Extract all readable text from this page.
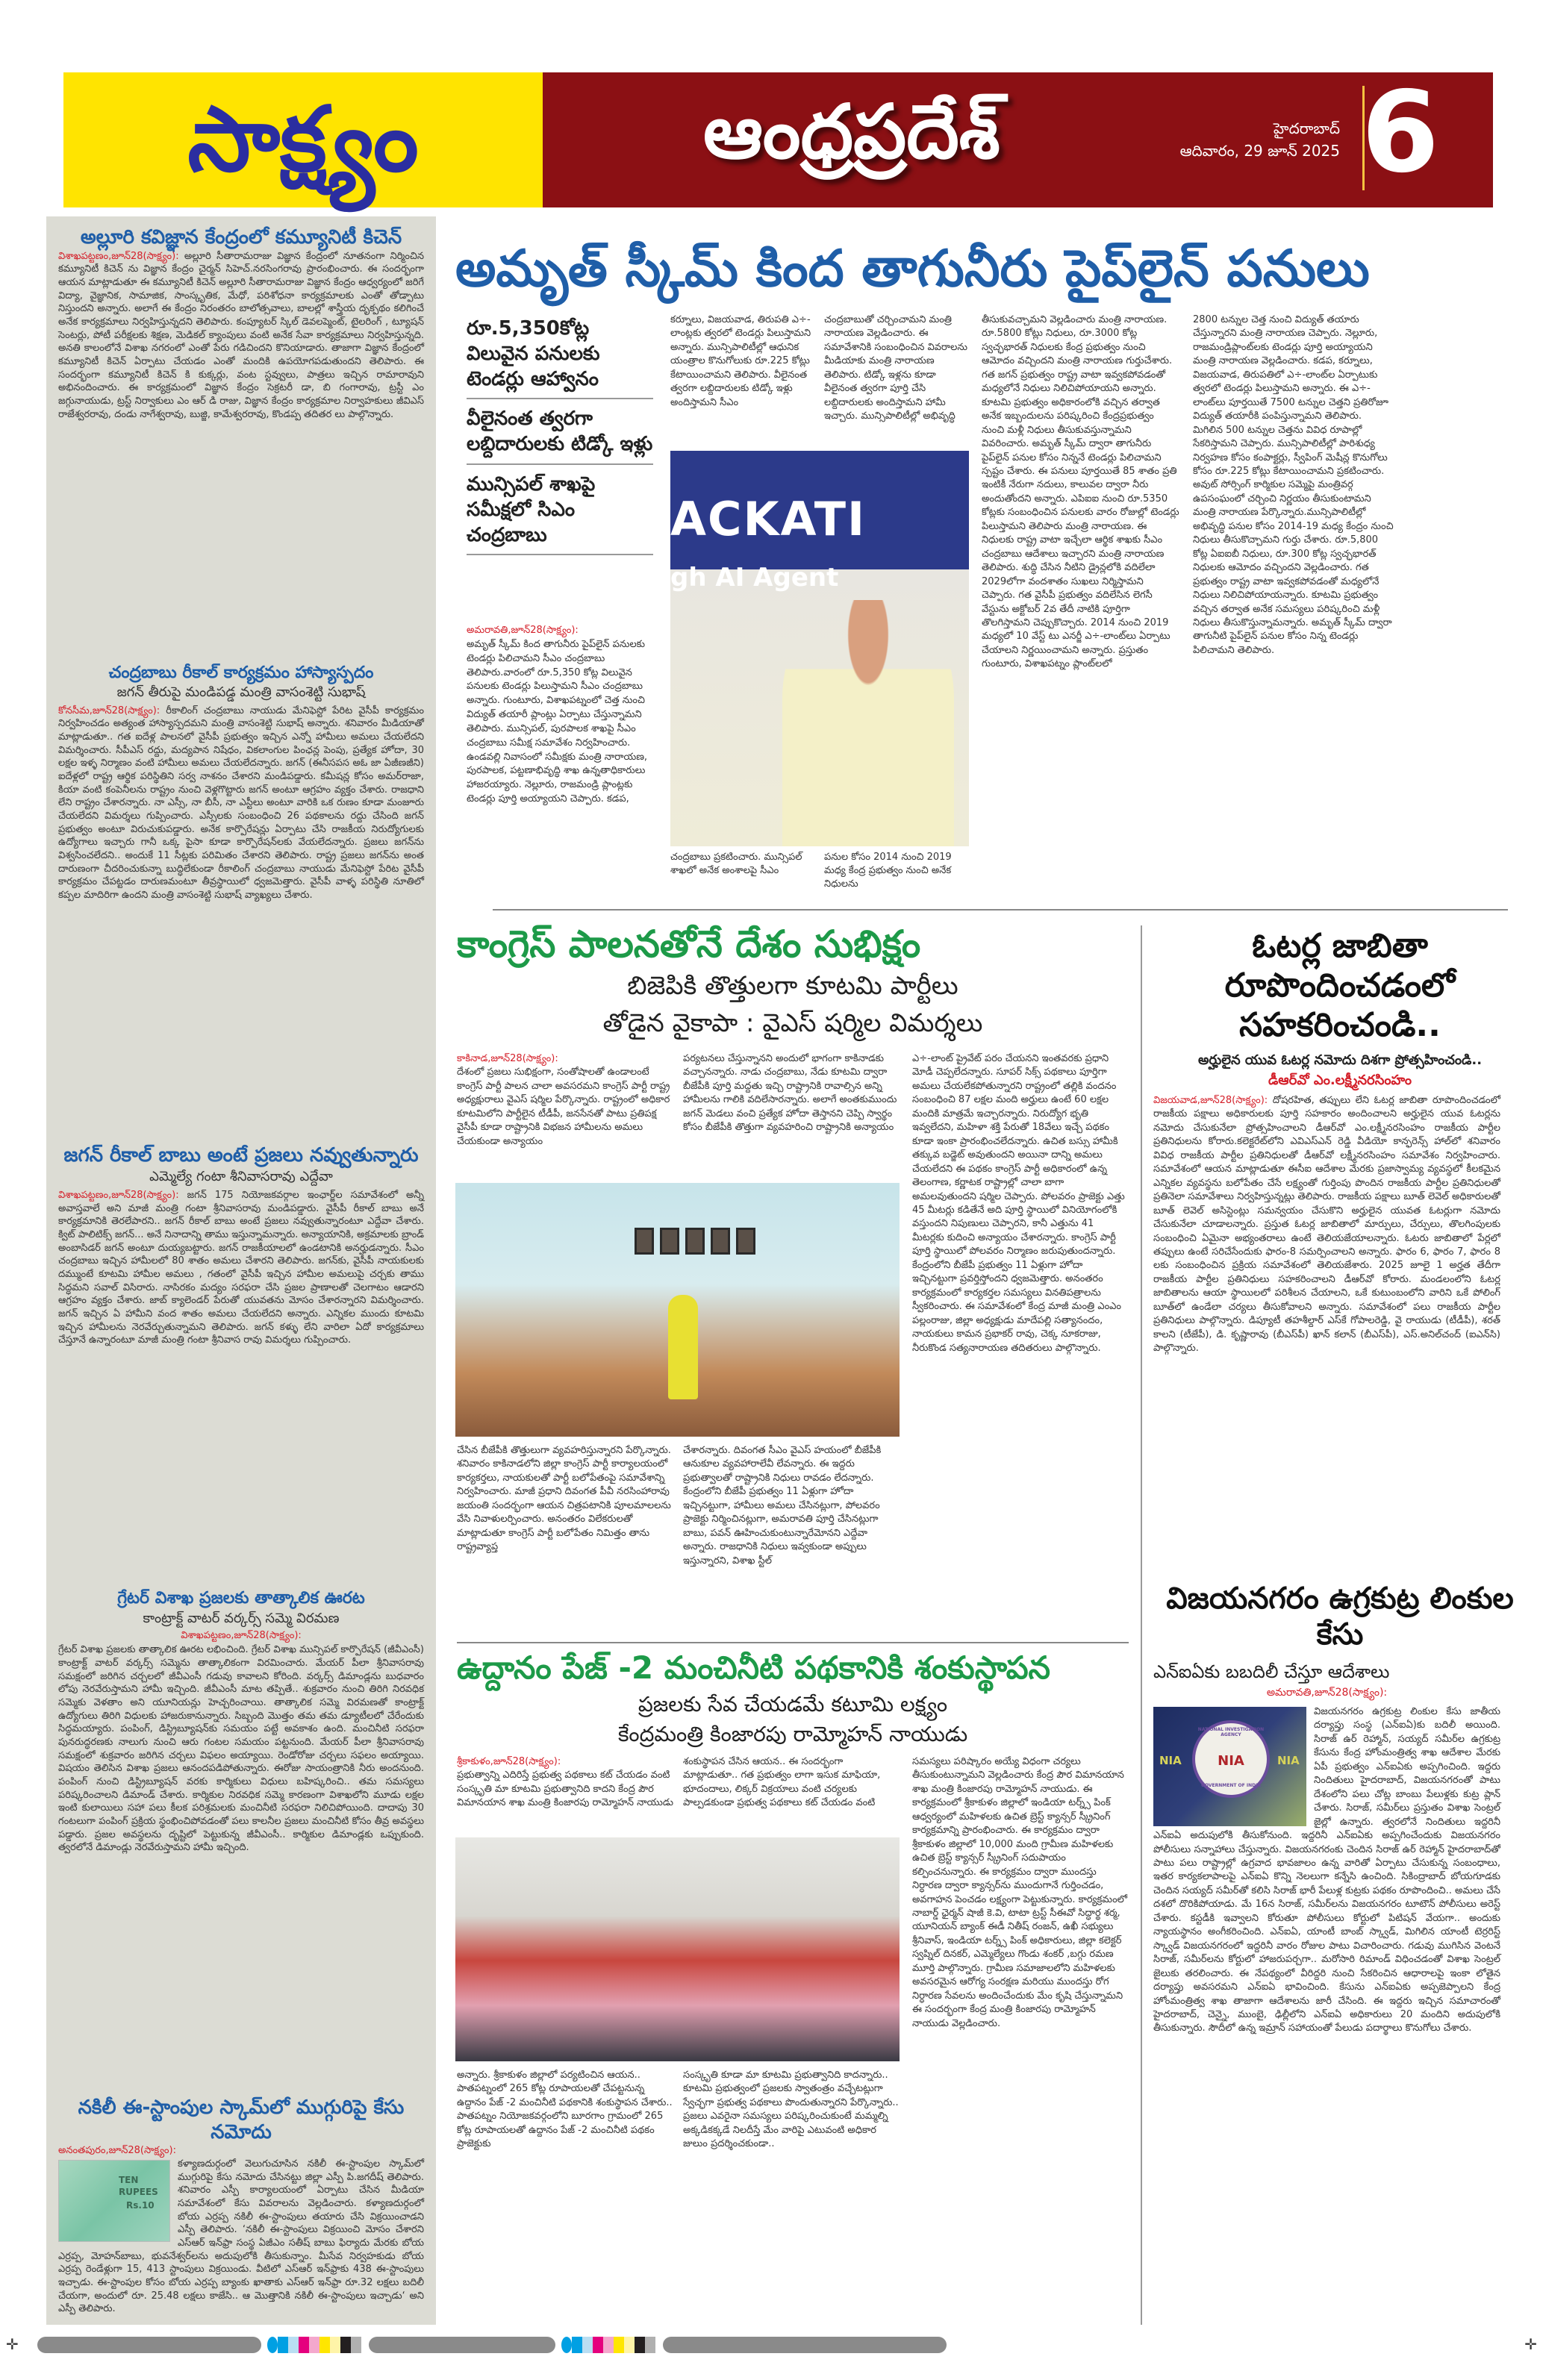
సాక్ష్యం	ఆంధ్రప్రదేశ్	హైదరాబాద్
ఆదివారం, 29 జూన్ 2025 6
అల్లూరి కవిజ్ఞాన కేంద్రంలో కమ్యూనిటీ కిచెన్

విశాఖపట్టణం,జూన్28(సాక్ష్యం): అల్లూరి సీతారామరాజు విజ్ఞాన కేంద్రంలో నూతనంగా నిర్మించిన కమ్యూనిటీ కిచెన్ ను విజ్ఞాన కేంద్రం చైర్మన్ సిహెచ్.నరసింగరావు ప్రారంభించారు. ఈ సందర్భంగా ఆయన మాట్లాడుతూ ఈ కమ్యూనిటీ కిచెన్ అల్లూరి సీతారామరాజు విజ్ఞాన కేంద్రం ఆధ్వర్యంలో జరిగే విద్యా, వైజ్ఞానిక, సామాజిక, సాంస్కృతిక, మేధో, పరిశోధనా కార్యక్రమాలకు ఎంతో తోడ్పాటు నిస్తుందని అన్నారు. అలాగే ఈ కేంద్రం నిరంతరం బాలోత్సవాలు, బాలల్లో శాస్త్రీయ దృక్పథం కలిగించే అనేక కార్యక్రమాలు నిర్వహిస్తున్నదని తెలిపారు. కంప్యూటర్ స్కిల్ డెవలప్మెంట్, టైలరింగ్ , ట్యూషన్ సెంటర్లు, పోటీ పరీక్షలకు శిక్షణ, మెడికల్ క్యాంపులు వంటి అనేక సేవా కార్యక్రమాలు నిర్వహిస్తున్నది. అనతి కాలంలోనే విశాఖ నగరంలో ఎంతో పేరు గడిచిందని కొనియాడారు. తాజాగా విజ్ఞాన కేంద్రంలో కమ్యూనిటీ కిచెన్ ఏర్పాటు చేయడం ఎంతో మందికి ఉపయోగపడుతుందని తెలిపారు. ఈ సందర్భంగా కమ్యూనిటీ కిచెన్ కి కుక్కర్లు, వంట స్టవ్వులు, పాత్రలు ఇచ్చిన రామారావుని అభినందించారు. ఈ కార్యక్రమంలో విజ్ఞాన కేంద్రం సెక్రటరీ డా, బి గంగారావు, ట్రస్టీ ఎం జగ్గునాయుడు, ట్రస్ట్ నిర్వాకులు ఎం ఆర్ డి రాజు, విజ్ఞాన కేంద్రం కార్యక్రమాల నిర్వాహకులు జీవిఎస్ రాజేశ్వరరావు, దండు నాగేశ్వరావు, బుజ్జి, కామేశ్వరరావు, కొండప్ప తదితర లు పాల్గొన్నారు.

చంద్రబాబు రీకాల్ కార్యక్రమం హాస్యాస్పదం
జగన్ తీరుపై మండిపడ్డ మంత్రి వాసంశెట్టి సుభాష్

కోనసీమ,జూన్28(సాక్ష్యం): రీకాలింగ్ చంద్రబాబు నాయుడు మేనిఫెస్టో పేరిట వైసీపీ కార్యక్రమం నిర్వహించడం అత్యంత హాస్యాస్పదమని మంత్రి వాసంశెట్టి సుభాష్ అన్నారు. శనివారం మీడియాతో మాట్లాడుతూ.. గత ఐదేళ్ల పాలనలో వైసీపీ ప్రభుత్వం ఇచ్చిన ఎన్నో హామీలు అమలు చేయలేదని విమర్శించారు. సీపీఎస్ రద్దు, మద్యపాన నిషేధం, వికలాంగుల పింఛన్ల పెంపు, ప్రత్యేక హోదా, 30 లక్షల ఇళ్ళ నిర్మాణం వంటి హామీలు అమలు చేయలేదన్నారు. జగన్ (ఈనీసపస అఓ జా ఏజీణజీని) ఐదేళ్లలో రాష్ట్ర ఆర్థిక పరిస్థితిని సర్వ నాశనం చేశారని మండిపడ్డారు. కమీషన్ల కోసం అమర్‌రాజా, కియా వంటి కంపెనీలను రాష్ట్రం నుంచి వెళ్లగొట్టారు జగన్ అంటూ ఆగ్రహం వ్యక్తం చేశారు. రాజధాని లేని రాష్ట్రం చేశారన్నారు. నా ఎస్సీ, నా బీసీ, నా ఎస్టీలు అంటూ వారికి ఒక రుణం కూడా మంజూరు చేయలేదని విమర్శలు గుప్పించారు. ఎస్సీలకు సంబంధించి 26 పథకాలను రద్దు చేసింది జగన్ ప్రభుత్వం అంటూ విరుచుకుపడ్డారు. అనేక కార్పొరేషన్లు ఏర్పాటు చేసి రాజకీయ నిరుద్యోగులకు ఉద్యోగాలు ఇచ్చారు గానీ ఒక్క పైసా కూడా కార్పొరేషన్‌లకు వేయలేదన్నారు. ప్రజలు జగన్‌ను విశ్వసించలేదని.. అందుకే 11 సీట్లకు పరిమితం చేశారని తెలిపారు. రాష్ట్ర ప్రజలు జగన్‌ను అంత దారుణంగా చీదరించుకున్నా బుద్ధిలేకుండా రీకాలింగ్ చంద్రబాబు నాయుడు మేనిఫెస్టో పేరిట వైసీపీ కార్యక్రమం చేపట్టడం దారుణమంటూ తీవ్రస్థాయిలో ధ్వజమెత్తారు. వైసీపీ వాళ్ళ పరిస్థితి నూతిలో కప్పల మాదిరిగా ఉందని మంత్రి వాసంశెట్టి సుభాష్ వ్యాఖ్యలు చేశారు.

జగన్ రీకాల్ బాబు అంటే ప్రజలు నవ్వుతున్నారు
ఎమ్మెల్యే గంటా శీనివాసరావు ఎద్దేవా

విశాఖపట్టణం,జూన్28(సాక్ష్యం): జగన్ 175 నియోజకవర్గాల ఇంఛార్జ్‌ల సమావేశంలో అన్నీ అవాస్తవాలే అని మాజీ మంత్రి గంటా శ్రీనివాసరావు మండిపడ్డారు. వైసీపీ రీకాల్ బాబు అనే కార్యక్రమానికి తెరలేపారని.. జగన్ రీకాల్ బాబు అంటే ప్రజలు నవ్వుతున్నారంటూ ఎద్దేవా చేశారు. క్విట్ పాలిటిక్స్ జగన్... అనే నినాదాన్ని తాము ఇస్తున్నామన్నారు. అన్యాయానికి, అక్రమాలకు బ్రాండ్ అంబాసిడర్ జగన్ అంటూ దుయ్యబట్టారు. జగన్ రాజకీయాలలో ఉండటానికి అనర్హుడన్నారు. సీఎం చంద్రబాబు ఇచ్చిన హామీలలో 80 శాతం అమలు చేశారని తెలిపారు. జగన్‌కు, వైసీపీ నాయకులకు దమ్ముంటే కూటమి హామీల అమలు , గతంలో వైసీపీ ఇచ్చిన హామీల అమలుపై చర్చకు తాము సిద్ధమని సవాల్ విసిరారు. నాసిరకం మద్యం సరఫరా చేసి ప్రజల ప్రాణాలతో చెలగాటం ఆడారని ఆగ్రహం వ్యక్తం చేశారు. జాబ్ క్యాలెండర్ పేరుతో యువతను మోసం చేశారన్నారని విమర్శించారు. జగన్ ఇచ్చిన ఏ హామీని వంద శాతం అమలు చేయలేదని అన్నారు. ఎన్నికల ముందు కూటమి ఇచ్చిన హామీలను నెరవేర్చుతున్నామని తెలిపారు. జగన్ కళ్ళు లేని వారిలా ఏదో కార్యక్రమాలు చేస్తూనే ఉన్నారంటూ మాజీ మంత్రి గంటా శ్రీనివాస రావు విమర్శలు గుప్పించారు.

గ్రేటర్ విశాఖ ప్రజలకు తాత్కాలిక ఊరట
కాంట్రాక్ట్ వాటర్ వర్కర్స్ సమ్మె విరమణ
విశాఖపట్టణం,జూన్28(సాక్ష్యం):

గ్రేటర్ విశాఖ ప్రజలకు తాత్కాలిక ఊరట లభించింది. గ్రేటర్ విశాఖ మున్సిపల్ కార్పొరేషన్ (జీవీఎంసీ) కాంట్రాక్ట్ వాటర్ వర్కర్స్ సమ్మెను తాత్కాలికంగా విరమించారు. మేయర్ పీలా శ్రీనివాసరావు సమక్షంలో జరిగిన చర్చలలో జీవీఎంసీ గడువు కావాలని కోరింది. వర్కర్స్ డిమాండ్లను బుధవారం లోపు నెరవేరుస్తామని హామీ ఇచ్చింది. జీవీఎంసీ మాట తప్పితే.. శుక్రవారం నుంచి తిరిగి నిరవధిక సమ్మెకు వెళతాం అని యూనియన్లు హెచ్చరించాయి. తాత్కాలిక సమ్మె విరమణతో కాంట్రాక్ట్ ఉద్యోగులు తిరిగి విధులకు హాజరుకానున్నారు. సిబ్బంది మొత్తం తమ తమ డ్యూటీలలో చేరేందుకు సిద్ధమయ్యారు. పంపింగ్, డిస్ట్రిబ్యూషన్‌కు సమయం పట్టే అవకాశం ఉంది. మంచినీటి సరఫరా పునరుద్ధరణకు నాలుగు నుంచి ఆరు గంటల సమయం పట్టనుంది. మేయర్ పీలా శ్రీనివాసరావు సమక్షంలో శుక్రవారం జరిగిన చర్చలు విఫలం అయ్యాయి. రెండోరోజు చర్చలు సఫలం అయ్యాయి. విషయం తెలిసిన విశాఖ ప్రజలు ఆనందపడిపోతున్నారు. ఈరోజు సాయంత్రానికి నీరు అందనుంది. పంపింగ్ నుంచి డిస్ట్రిబ్యూషన్ వరకు కార్మికులు విధులు బహిష్కరించి.. తమ సమస్యలు పరిష్కరించాలని డిమాండ్ చేశారు. కార్మికుల నిరవధిక సమ్మె కారణంగా విశాఖలోని మూడు లక్షల ఇంటి కులాయిలు సహా పలు కీలక పరిశ్రమలకు మంచినీటి సరఫరా నిలిచిపోయింది. దాదాపు 30 గంటలుగా పంపింగ్ ప్రక్రియ స్థంభించిపోవడంతో పలు కాలనీల ప్రజలు మంచినీటి కోసం తీవ్ర అవస్థలు పడ్డారు. ప్రజల అవస్థలను దృష్టిలో పెట్టుకున్న జీవీఎంసీ.. కార్మికుల డిమాండ్లకు ఒప్పుకుంది. త్వరలోనే డిమాండ్లు నెరవేరుస్తామని హామీ ఇచ్చింది.

నకిలీ ఈ-స్టాంపుల స్కామ్‌లో ముగ్గురిపై కేసు నమోదు

అనంతపురం,జూన్28(సాక్ష్యం):

TEN RUPEES
Rs.10
కళ్యాణదుర్గంలో వెలుగుచూసిన నకిలీ ఈ-స్టాంపుల స్కామ్‌లో ముగ్గురిపై కేసు నమోదు చేసినట్టు జిల్లా ఎస్పీ పి.జగదీష్ తెలిపారు. శనివారం ఎస్పీ కార్యాలయంలో ఏర్పాటు చేసిన మీడియా సమావేశంలో కేసు వివరాలను వెల్లడించారు. కళ్యాణదుర్గంలో బోయ ఎర్రప్ప నకిలీ ఈ-స్టాంపులు తయారు చేసి విక్రయించాడని ఎస్పీ తెలిపారు. ‘నకిలీ ఈ-స్టాంపులు విక్రయించి మోసం చేశారని ఎస్ఆర్ ఇన్‌ఫ్రా సంస్థ ఏజీఎం సతీష్ బాబు ఫిర్యాదు మేరకు బోయ ఎర్రప్ప, మోహన్‌బాబు, భువనేశ్వర్‌లను అదుపులోకి తీసుకున్నాం. మీసేవ నిర్వహకుడు బోయ ఎర్రప్ప రెండేళ్లుగా 15, 413 స్టాంపులు విక్రయిండు. వీటిలో ఎస్ఆర్ ఇన్‌ఫ్రాకు 438 ఈ-స్టాంపులు ఇచ్చాడు. ఈ-స్టాంపుల కోసం బోయ ఎర్రప్ప బ్యాంకు ఖాతాకు ఎస్ఆర్ ఇన్‌ఫ్రా రూ.32 లక్షలు బదిలీ చేయగా, అందులో రూ. 25.48 లక్షలు కాజేసి.. ఆ మొత్తానికి నకిలీ ఈ-స్టాంపులు ఇచ్చాడు‘ అని ఎస్పీ తెలిపారు.

అమృత్ స్కీమ్ కింద తాగునీరు పైప్‌లైన్ పనులు
రూ.5,350కోట్ల విలువైన పనులకు టెండర్లు ఆహ్వానం
వీలైనంత త్వరగా లబ్దిదారులకు టిడ్కో ఇళ్లు
మున్సిపల్ శాఖపై సమీక్షలో సిఎం చంద్రబాబు
అమరావతి,జూన్28(సాక్ష్యం):
అమృత్ స్కీమ్ కింద తాగునీరు పైప్‌లైన్ పనులకు టెండర్లు పిలిచామని సీఎం చంద్రబాబు తెలిపారు.వారంలో రూ.5,350 కోట్ల విలువైన పనులకు టెండర్లు పిలుస్తామని సీఎం చంద్రబాబు అన్నారు. గుంటూరు, విశాఖపట్నంలో చెత్త నుంచి విద్యుత్ తయారీ ప్లాంట్లు ఏర్పాటు చేస్తున్నామని తెలిపారు. మున్సిపల్, పురపాలక శాఖపై సీఎం చంద్రబాబు సమీక్ష సమావేశం నిర్వహించారు. ఉండవల్లి నివాసంలో సమీక్షకు మంత్రి నారాయణ, పురపాలక, పట్టణాభివృద్ధి శాఖ ఉన్నతాధికారులు హాజరయ్యారు. నెల్లూరు, రాజమండ్రి ప్లాంట్లకు టెండర్లు పూర్తి అయ్యాయని చెప్పారు. కడప,
కర్నూలు, విజయవాడ, తిరుపతి ఎ÷-లాంట్లకు త్వరలో టెండర్లు పిలుస్తామని అన్నారు. మున్సిపాలిటీల్లో ఆధునిక యంత్రాల కొనుగోలుకు రూ.225 కోట్లు కేటాయించామని తెలిపారు. వీలైనంత త్వరగా లబ్దిదారులకు టిడ్కో ఇళ్లు అందిస్తామని సీఎం
చంద్రబాబుతో చర్చించామని మంత్రి నారాయణ వెల్లడించారు. ఈ సమావేశానికి సంబంధించిన వివరాలను మీడియాకు మంత్రి నారాయణ తెలిపారు. టిడ్కో ఇళ్లను కూడా వీలైనంత త్వరగా పూర్తి చేసి లబ్దిదారులకు అందిస్తామని హామీ ఇచ్చారు. మున్సిపాలిటీల్లో అభివృద్ధి
ACKATI
gh AI Agent
చంద్రబాబు ప్రకటించారు. మున్సిపల్ శాఖలో అనేక అంశాలపై సీఎం
పనుల కోసం 2014 నుంచి 2019 మధ్య కేంద్ర ప్రభుత్వం నుంచి అనేక నిధులను
తీసుకువచ్చామని వెల్లడించారు మంత్రి నారాయణ. రూ.5800 కోట్లు నిధులు, రూ.3000 కోట్ల స్వచ్ఛభారత్ నిధులకు కేంద్ర ప్రభుత్వం నుంచి ఆమోదం వచ్చిందని మంత్రి నారాయణ గుర్తుచేశారు. గత జగన్ ప్రభుత్వం రాష్ట్ర వాటా ఇవ్వకపోవడంతో మధ్యలోనే నిధులు నిలిచిపోయాయని అన్నారు. కూటమి ప్రభుత్వం అధికారంలోకి వచ్చిన తర్వాత అనేక ఇబ్బందులను పరిష్కరించి కేంద్రప్రభుత్వం నుంచి మళ్లీ నిధులు తీసుకువస్తున్నామని వివరించారు. అమృత్ స్కీమ్ ద్వారా తాగునీరు పైప్‌లైన్ పనుల కోసం నిన్ననే టెండర్లు పిలిచామని స్పష్టం చేశారు. ఈ పనులు పూర్తయితే 85 శాతం ప్రతి ఇంటికీ నేరుగా నదులు, కాలువల ద్వారా నీరు అందుతోందని అన్నారు. ఎపిఐఐ నుంచి రూ.5350 కోట్లకు సంబంధించిన పనులకు వారం రోజుల్లో టెండర్లు పిలుస్తామని తెలిపారు మంత్రి నారాయణ. ఈ నిధులకు రాష్ట్ర వాటా ఇచ్చేలా ఆర్థిక శాఖకు సీఎం చంద్రబాబు ఆదేశాలు ఇచ్చారని మంత్రి నారాయణ తెలిపారు. శుద్ధి చేసిన నీటిని డ్రైన్లలోకి వదిలేలా 2029లోగా వందశాతం సుఖలు నిర్మిస్తామని చెప్పారు. గత వైసీపీ ప్రభుత్వం వదిలేసిన లెగసీ వేస్టును అక్టోబర్ 2వ తేదీ నాటికి పూర్తిగా తొలగిస్తామని చెప్పుకొచ్చారు. 2014 నుంచి 2019 మధ్యలో 10 వేస్ట్ టు ఎనర్జీ ఎ÷-లాంట్‌లు ఏర్పాటు చేయాలని నిర్ణయించామని అన్నారు. ప్రస్తుతం గుంటూరు, విశాఖపట్నం ప్లాంట్‌లలో
2800 టన్నుల చెత్త నుంచి విద్యుత్ తయారు చేస్తున్నారని మంత్రి నారాయణ చెప్పారు. నెల్లూరు, రాజమండ్రిప్లాంట్‌లకు టెండర్లు పూర్తి అయ్యాయని మంత్రి నారాయణ వెల్లడించారు. కడప, కర్నూలు, విజయవాడ, తిరుపతిలో ఎ÷-లాంట్‌ల ఏర్పాటుకు త్వరలో టెండర్లు పిలుస్తామని అన్నారు. ఈ ఎ÷-లాంట్‌లు పూర్తయితే 7500 టన్నుల చెత్తని ప్రతిరోజూ విద్యుత్ తయారీకి పంపిస్తున్నామని తెలిపారు. మిగిలిన 500 టన్నుల చెత్తను వివిధ రూపాల్లో సేకరిస్తామని చెప్పారు. మున్సిపాలిటీల్లో పారిశుధ్య నిర్వహణ కోసం కంపాక్టర్లు, స్వీపింగ్ మెషీన్ల కొనుగోలు కోసం రూ.225 కోట్లు కేటాయించామని ప్రకటించారు. అవుట్ సోర్సింగ్ కార్మికుల సమ్మెపై మంత్రివర్గ ఉపసంఘంలో చర్చించి నిర్ణయం తీసుకుంటామని మంత్రి నారాయణ పేర్కొన్నారు.మున్సిపాలిటీల్లో అభివృద్ధి పనుల కోసం 2014-19 మధ్య కేంద్రం నుంచి నిధులు తీసుకొచ్చామని గుర్తు చేశారు. రూ.5,800 కోట్ల ఏఐఐబీ నిధులు, రూ.300 కోట్ల స్వచ్ఛభారత్ నిధులకు ఆమోదం వచ్చిందని వెల్లడించారు. గత ప్రభుత్వం రాష్ట్ర వాటా ఇవ్వకపోవడంతో మధ్యలోనే నిధులు నిలిచిపోయాయన్నారు. కూటమి ప్రభుత్వం వచ్చిన తర్వాత అనేక సమస్యలు పరిష్కరించి మళ్లీ నిధులు తీసుకొస్తున్నామన్నారు. అమృత్ స్కీమ్ ద్వారా తాగునీటి పైప్‌లైన్ పనుల కోసం నిన్న టెండర్లు పిలిచామని తెలిపారు.
కాంగ్రెస్ పాలనతోనే దేశం సుభిక్షం
బిజెపికి తొత్తులగా కూటమి పార్టీలు
తోడైన వైకాపా : వైఎస్ షర్మిల విమర్శలు
కాకినాడ,జూన్28(సాక్ష్యం):
దేశంలో ప్రజలు సుభిక్షంగా, సంతోషాలతో ఉండాలంటే కాంగ్రెస్ పార్టీ పాలన చాలా అవసరమని కాంగ్రెస్ పార్టీ రాష్ట్ర అధ్యక్షురాలు వైఎస్ షర్మిల పేర్కొన్నారు. రాష్ట్రంలో అధికార కూటమిలోని పార్టీలైన టీడీపీ, జనసేనతో పాటు ప్రతిపక్ష వైసీపీ కూడా రాష్ట్రానికి విభజన హామీలను అమలు చేయకుండా అన్యాయం
పర్యటనలు చేస్తున్నానని అందులో భాగంగా కాకినాడకు వచ్చానన్నారు. నాడు చంద్రబాబు, నేడు కూటమి ద్వారా బీజేపీకి పూర్తి మద్దతు ఇచ్చి రాష్ట్రానికి రావాల్సిన అన్ని హామీలను గాలికి వదిలేసారన్నారు. అలాగే అంతకుముందు జగన్ మెడలు వంచి ప్రత్యేక హోదా తెస్తానని చెప్పి స్వార్థం కోసం బీజేపీకి తొత్తుగా వ్యవహరించి రాష్ట్రానికి అన్యాయం
ఎ÷-లాంట్ ప్రైవేట్ పరం చేయనని ఇంతవరకు ప్రధాని మోడీ చెప్పలేదన్నారు. సూపర్ సిక్స్ పథకాలు పూర్తిగా అమలు చేయలేకపోతున్నారని రాష్ట్రంలో తల్లికి వందనం సంబంధించి 87 లక్షల మంది అర్హులు ఉంటే 60 లక్షల మందికి మాత్రమే ఇచ్చారన్నారు. నిరుద్యోగ భృతి ఇవ్వలేదని, మహిళా శక్తి పేరుతో 18వేలు ఇచ్చే పథకం కూడా ఇంకా ప్రారంభించలేదన్నారు. ఉచిత బస్సు హామీకి తక్కువ బడ్జెట్ అవుతుందని అయినా దాన్ని అమలు చేయలేదని ఈ పథకం కాంగ్రెస్ పార్టీ అధికారంలో ఉన్న తెలంగాణ, కర్ణాటక రాష్ట్రాల్లో చాలా బాగా అమలవుతుందని షర్మిల చెప్పారు. పోలవరం ప్రాజెక్టు ఎత్తు 45 మీటర్లు కడితేనే అది పూర్తి స్థాయిలో వినియోగంలోకి వస్తుందని నిపుణులు చెప్పారని, కానీ ఎత్తును 41 మీటర్లకు కుదించి అన్యాయం చేశారన్నారు. కాంగ్రెస్ పార్టీ పూర్తి స్థాయిలో పోలవరం నిర్మాణం జరుపుతుందన్నారు. కేంద్రంలోని బీజేపీ ప్రభుత్వం 11 ఏళ్లుగా హోదా ఇచ్చినట్టుగా ప్రవర్తిస్తోందని ధ్వజమెత్తారు. అనంతరం కార్యక్రమంలో కార్యకర్తల సమస్యలు వినతిపత్రాలను స్వీకరించారు. ఈ సమావేశంలో కేంద్ర మాజీ మంత్రి ఎంఎం పల్లంరాజు, జిల్లా అధ్యక్షుడు మాదేపల్లి సత్యానందం, నాయకులు కామన ప్రభాకర్ రావు, చెక్క నూకరాజు, నీరుకొండ సత్యనారాయణ తదితరులు పాల్గొన్నారు.
చేసిన బీజేపీకి తొత్తులుగా వ్యవహరిస్తున్నారని పేర్కొన్నారు. శనివారం కాకినాడలోని జిల్లా కాంగ్రెస్ పార్టీ కార్యాలయంలో కార్యకర్తలు, నాయకులతో పార్టీ బలోపేతంపై సమావేశాన్ని నిర్వహించారు. మాజీ ప్రధాని దివంగత పీవీ నరసింహారావు జయంతి సందర్భంగా ఆయన చిత్రపటానికి పూలమాలలను వేసి నివాళులర్పించారు. అనంతరం విలేకరులతో మాట్లాడుతూ కాంగ్రెస్ పార్టీ బలోపేతం నిమిత్తం తాను రాష్ట్రవ్యాప్త
చేశారన్నారు. దివంగత సీఎం వైఎస్ హయంలో బీజేపీకి ఆనుకూల వ్యవహారాలేవీ లేవన్నారు. ఈ ఇద్దరు ప్రభుత్వాలతో రాష్ట్రానికి నిధులు రావడం లేదన్నారు. కేంద్రంలోని బీజేపీ ప్రభుత్వం 11 ఏళ్లుగా హోదా ఇచ్చినట్టుగా, హామీలు అమలు చేసినట్లుగా, పోలవరం ప్రాజెక్టు నిర్మించినట్లుగా, అమరావతి పూర్తి చేసినట్లుగా బాబు, పవన్ ఊహించుకుంటున్నారేమోనని ఎద్దేవా అన్నారు. రాజధానికి నిధులు ఇవ్వకుండా అప్పులు ఇస్తున్నారని, విశాఖ స్టీల్
ఓటర్ల జాబితా రూపొందించడంలో సహకరించండి..
అర్హులైన యువ ఓటర్ల నమోదు దిశగా ప్రోత్సహించండి..
డీఆర్‌వో ఎం.లక్ష్మీనరసింహం
విజయవాడ,జూన్28(సాక్ష్యం): దోషరహిత, తప్పులు లేని ఓటర్ల జాబితా రూపొందించడంలో రాజకీయ పక్షాలు అధికారులకు పూర్తి సహకారం అందించాలని అర్హులైన యువ ఓటర్లను నమోదు చేసుకునేలా ప్రోత్సహించాలని డీఆర్‌వో ఎం.లక్ష్మీనరసింహం రాజకీయ పార్టీల ప్రతినిధులను కోరారు.కలెక్టరేట్‌లోని ఎవిఎస్‌ఎన్ రెడ్డి వీడియో కాన్ఫరెన్స్ హాల్‌లో శనివారం వివిధ రాజకీయ పార్టీల ప్రతినిధులతో డీఆర్‌వో లక్ష్మీనరసింహం సమావేశం నిర్వహించారు. సమావేశంలో ఆయన మాట్లాడుతూ ఈసీఐ ఆదేశాల మేరకు ప్రజాస్వామ్య వ్యవస్థలో కీలకమైన ఎన్నికల వ్యవస్థను బలోపేతం చేసే లక్ష్యంతో గుర్తింపు పొందిన రాజకీయ పార్టీల ప్రతినిధులతో ప్రతినెలా సమావేశాలు నిర్వహిస్తున్నట్లు తెలిపారు. రాజకీయ పక్షాలు బూత్ లెవెల్ అధికారులతో బూత్ లెవెల్ అసిస్టెంట్లు సమన్వయం చేసుకొని అర్హులైన యువత ఓటర్లుగా నమోదు చేసుకునేలా చూడాలన్నారు. ప్రస్తుత ఓటర్ల జాబితాలో మార్పులు, చేర్పులు, తొలగింపులకు సంబంధించి ఏమైనా అభ్యంతరాలు ఉంటే తెలియజేయాలన్నారు. ఓటరు జాబితాలో పేర్లలో తప్పులు ఉంటే సరిచేసేందుకు ఫారం-8 సమర్పించాలని అన్నారు. ఫారం 6, ఫారం 7, ఫారం 8 లకు సంబంధించిన ప్రక్రియ సమావేశంలో తెలియజేశారు. 2025 జూలై 1 అర్హత తేదీగా రాజకీయ పార్టీల ప్రతినిధులు సహకరించాలని డీఆర్‌వో కోరారు. మండలంలోని ఓటర్ల జాబితాలను ఆయా స్థాయిలలో పరిశీలన చేయాలని, ఒకే కుటుంబంలోని వారిని ఒకే పోలింగ్ బూత్‌లో ఉండేలా చర్యలు తీసుకోవాలని అన్నారు. సమావేశంలో పలు రాజకీయ పార్టీల ప్రతినిధులు పాల్గొన్నారు. డిప్యూటీ తహశీల్దార్ ఎస్‌కే గోపాలరెడ్డి, వై రాయుడు (టీడీపీ), శరత్ కాలని (టీజేపీ), డి. కృష్ణారావు (బీఎస్‌పీ) ఖాన్ కలాన్ (బీఎస్‌పీ), ఎస్.అనిల్‌చంద్ (ఐఎన్‌సి) పాల్గొన్నారు.
విజయనగరం ఉగ్రకుట్ర లింకుల కేసు
ఎన్ఐఏకు బబదిలీ చేస్తూ ఆదేశాలు
అమరావతి,జూన్28(సాక్ష్యం):
NIA	NIA
NATIONAL INVESTIGATION AGENCY
NIA
GOVERNMENT OF INDIA
విజయనగరం ఉగ్రకుట్ర లింకుల కేసు జాతీయ దర్యాప్తు సంస్థ (ఎన్ఐఏ)కు బదిలీ అయింది. సిరాజ్ ఉర్ రెహ్మాన్, సయ్యద్ సమీర్‌ల ఉగ్రకుట్ర కేసును కేంద్ర హోంమంత్రిత్వ శాఖ ఆదేశాల మేరకు ఏపీ ప్రభుత్వం ఎన్ఐఏకు అప్పగించింది. ఇద్దరు నిందితులు హైదరాబాద్, విజయనగరంతో పాటు దేశంలోని పలు చోట్ల బాంబు పేలుళ్లకు కుట్ర ప్లాన్ చేశారు. సిరాజ్, సమీర్‌లు ప్రస్తుతం విశాఖ సెంట్రల్ జైల్లో ఉన్నారు. త్వరలోనే నిందితులు ఇద్దరినీ ఎన్ఐఏ అదుపులోకి తీసుకోనుంది. ఇద్దరినీ ఎన్ఐఏకు అప్పగించేందుకు విజయనగరం పోలీసులు సన్నాహాలు చేస్తున్నారు. విజయనగరంకు చెందిన సిరాజ్ ఉర్ రెహ్మాన్ హైదరాబాద్‌తో పాటు పలు రాష్ట్రాల్లో ఉగ్రవాద భావజాలం ఉన్న వారితో ఏర్పాటు చేసుకున్న సంబంధాలు, ఇతర కార్యకలాపాలపై ఎన్ఐఏ కొన్ని నెలలుగా కన్నేసి ఉంచింది. సికింద్రాబాద్ బోయగూడకు చెందిన సయ్యద్ సమీర్‌తో కలిసి సిరాజ్ భారీ పేలుళ్ల కుట్రకు పథకం రూపొందించి.. అమలు చేసే దశలో దొరికిపోయాడు. మే 16న సిరాజ్, సమీర్‌లను విజయనగరం టూటౌన్ పోలీసులు అరెస్ట్ చేశారు. కస్టడీకి ఇవ్వాలని కోరుతూ పోలీసులు కోర్టులో పిటిషన్ వేయగా.. అందుకు న్యాయస్థానం అంగీకరించింది. ఎన్ఐఏ, యాంటీ బాంబ్ స్క్వాడ్, మిగిలిన యాంటీ టెర్రరిస్ట్ స్క్వాడ్ విజయనగరంలో ఇద్దరినీ వారం రోజుల పాటు విచారించారు. గడువు ముగిసిన వెంటనే సిరాజ్, సమీర్‌లను కోర్టులో హాజరుపర్చగా.. మరోసారి రిమాండ్ విధించడంతో విశాఖ సెంట్రల్ జైలుకు తరలించారు. ఈ నేపథ్యంలో వీరిద్దరి నుంచి సేకరించిన ఆధారాలపై ఇంకా లోతైన దర్యాప్తు అవసరమని ఎన్ఐఏ భావించింది. కేసును ఎన్ఐఏకు అప్పజెప్పాలని కేంద్ర హోంమంత్రిత్వ శాఖ తాజాగా ఆదేశాలను జారీ చేసింది. ఈ ఇద్దరు ఇచ్చిన సమాచారంతో హైదరాబాద్, చెన్నై, ముంబై, ఢిల్లీలోని ఎన్ఐఏ అధికారులు 20 మందిని అదుపులోకి తీసుకున్నారు. సౌదీలో ఉన్న ఇమ్రాన్ సహాయంతో పేలుడు పదార్థాలు కొనుగోలు చేశారు.
ఉద్దానం పేజ్ -2 మంచినీటి పథకానికి శంకుస్థాపన
ప్రజలకు సేవ చేయడమే కటూమి లక్ష్యం
కేంద్రమంత్రి కింజారపు రామ్మోహన్ నాయుడు
శ్రీకాకుళం,జూన్28(సాక్ష్యం):
ప్రభుత్వాన్ని ఎదిరిస్తే ప్రభుత్వ పథకాలు కట్ చేయడం వంటి సంస్కృతి మా కూటమి ప్రభుత్వానిది కాదని కేంద్ర పౌర విమానయాన శాఖ మంత్రి కింజారపు రామ్మోహన్ నాయుడు
శంకుస్థాపన చేసిన ఆయన.. ఈ సందర్భంగా మాట్లాడుతూ.. గత ప్రభుత్వం లాగా ఇసుక మాఫియా, భూదందాలు, లిక్కర్ విక్రయాలు వంటి చర్యలకు పాల్పడకుండా ప్రభుత్వ పథకాలు కట్ చేయడం వంటి
సమస్యలు పరిష్కారం అయ్యే విధంగా చర్యలు తీసుకుంటున్నామని వెల్లడించారు కేంద్ర పౌర విమానయాన శాఖ మంత్రి కింజారపు రామ్మోహన్ నాయుడు. ఈ కార్యక్రమంలో శ్రీకాకుళం జిల్లాలో ఇండియా టర్న్స్ పింక్ ఆధ్వర్యంలో మహిళలకు ఉచిత బ్రెస్ట్ క్యాన్సర్ స్క్రీనింగ్ కార్యక్రమాన్ని ప్రారంభించారు. ఈ కార్యక్రమం ద్వారా శ్రీకాకుళం జిల్లాలో 10,000 మంది గ్రామీణ మహిళలకు ఉచిత బ్రెస్ట్ క్యాన్సర్ స్క్రీనింగ్ సదుపాయం కల్పించనున్నారు. ఈ కార్యక్రమం ద్వారా ముందస్తు నిర్ధారణ ద్వారా క్యాన్సర్‌ను ముందుగానే గుర్తించడం, అవగాహన పెంచడం లక్ష్యంగా పెట్టుకున్నారు. కార్యక్రమంలో నాబార్డ్ ఛైర్మన్ షాజీ కె.వి, టాటా ట్రస్ట్ సీఈవో సిద్ధార్థ శర్మ, యూనియన్ బ్యాంక్ ఈడీ నితీష్ రంజన్, ఉఖీ సభ్యులు శ్రీనివాస్, ఇండియా టర్న్స్ పింక్ అధికారులు, జిల్లా కలెక్టర్ స్వప్నిల్ దినకర్, ఎమ్మెల్యేలు గొండు శంకర్ ,బగ్గు రమణ మూర్తి పాల్గొన్నారు. గ్రామీణ సమాజాలలోని మహిళలకు అవసరమైన ఆరోగ్య సంరక్షణ మరియు ముందస్తు రోగ నిర్ధారణ సేవలను అందించేందుకు మేం కృషి చేస్తున్నామని ఈ సందర్భంగా కేంద్ర మంత్రి కింజారపు రామ్మోహన్ నాయుడు వెల్లడించారు.
అన్నారు. శ్రీకాకుళం జిల్లాలో పర్యటించిన ఆయన.. పాతపట్నంలో 265 కోట్ల రూపాయలతో చేపట్టనున్న ఉద్దానం పేజ్ -2 మంచినీటి పథకానికి శంకుస్థాపన చేశారు.. పాతపట్నం నియోజకవర్గంలోని బూరగాం గ్రామంలో 265 కోట్ల రూపాయలతో ఉద్దానం పేజ్ -2 మంచినీటి పథకం ప్రాజెక్టుకు
సంస్కృతి కూడా మా కూటమి ప్రభుత్వానిది కాదన్నారు.. కూటమి ప్రభుత్వంలో ప్రజలకు స్వాతంత్రం వచ్చేటట్లుగా స్వేచ్ఛగా ప్రభుత్వ పథకాలు పొందుతున్నారని పేర్కొన్నారు.. ప్రజలు ఎవరైనా సమస్యలు పరిష్కరించుకుంటే మమ్మల్ని అక్కడికక్కడే నిలదీస్తే మేం వారిపై ఎటువంటి అధికార జులుం ప్రదర్శించకుండా..
✛	✛
